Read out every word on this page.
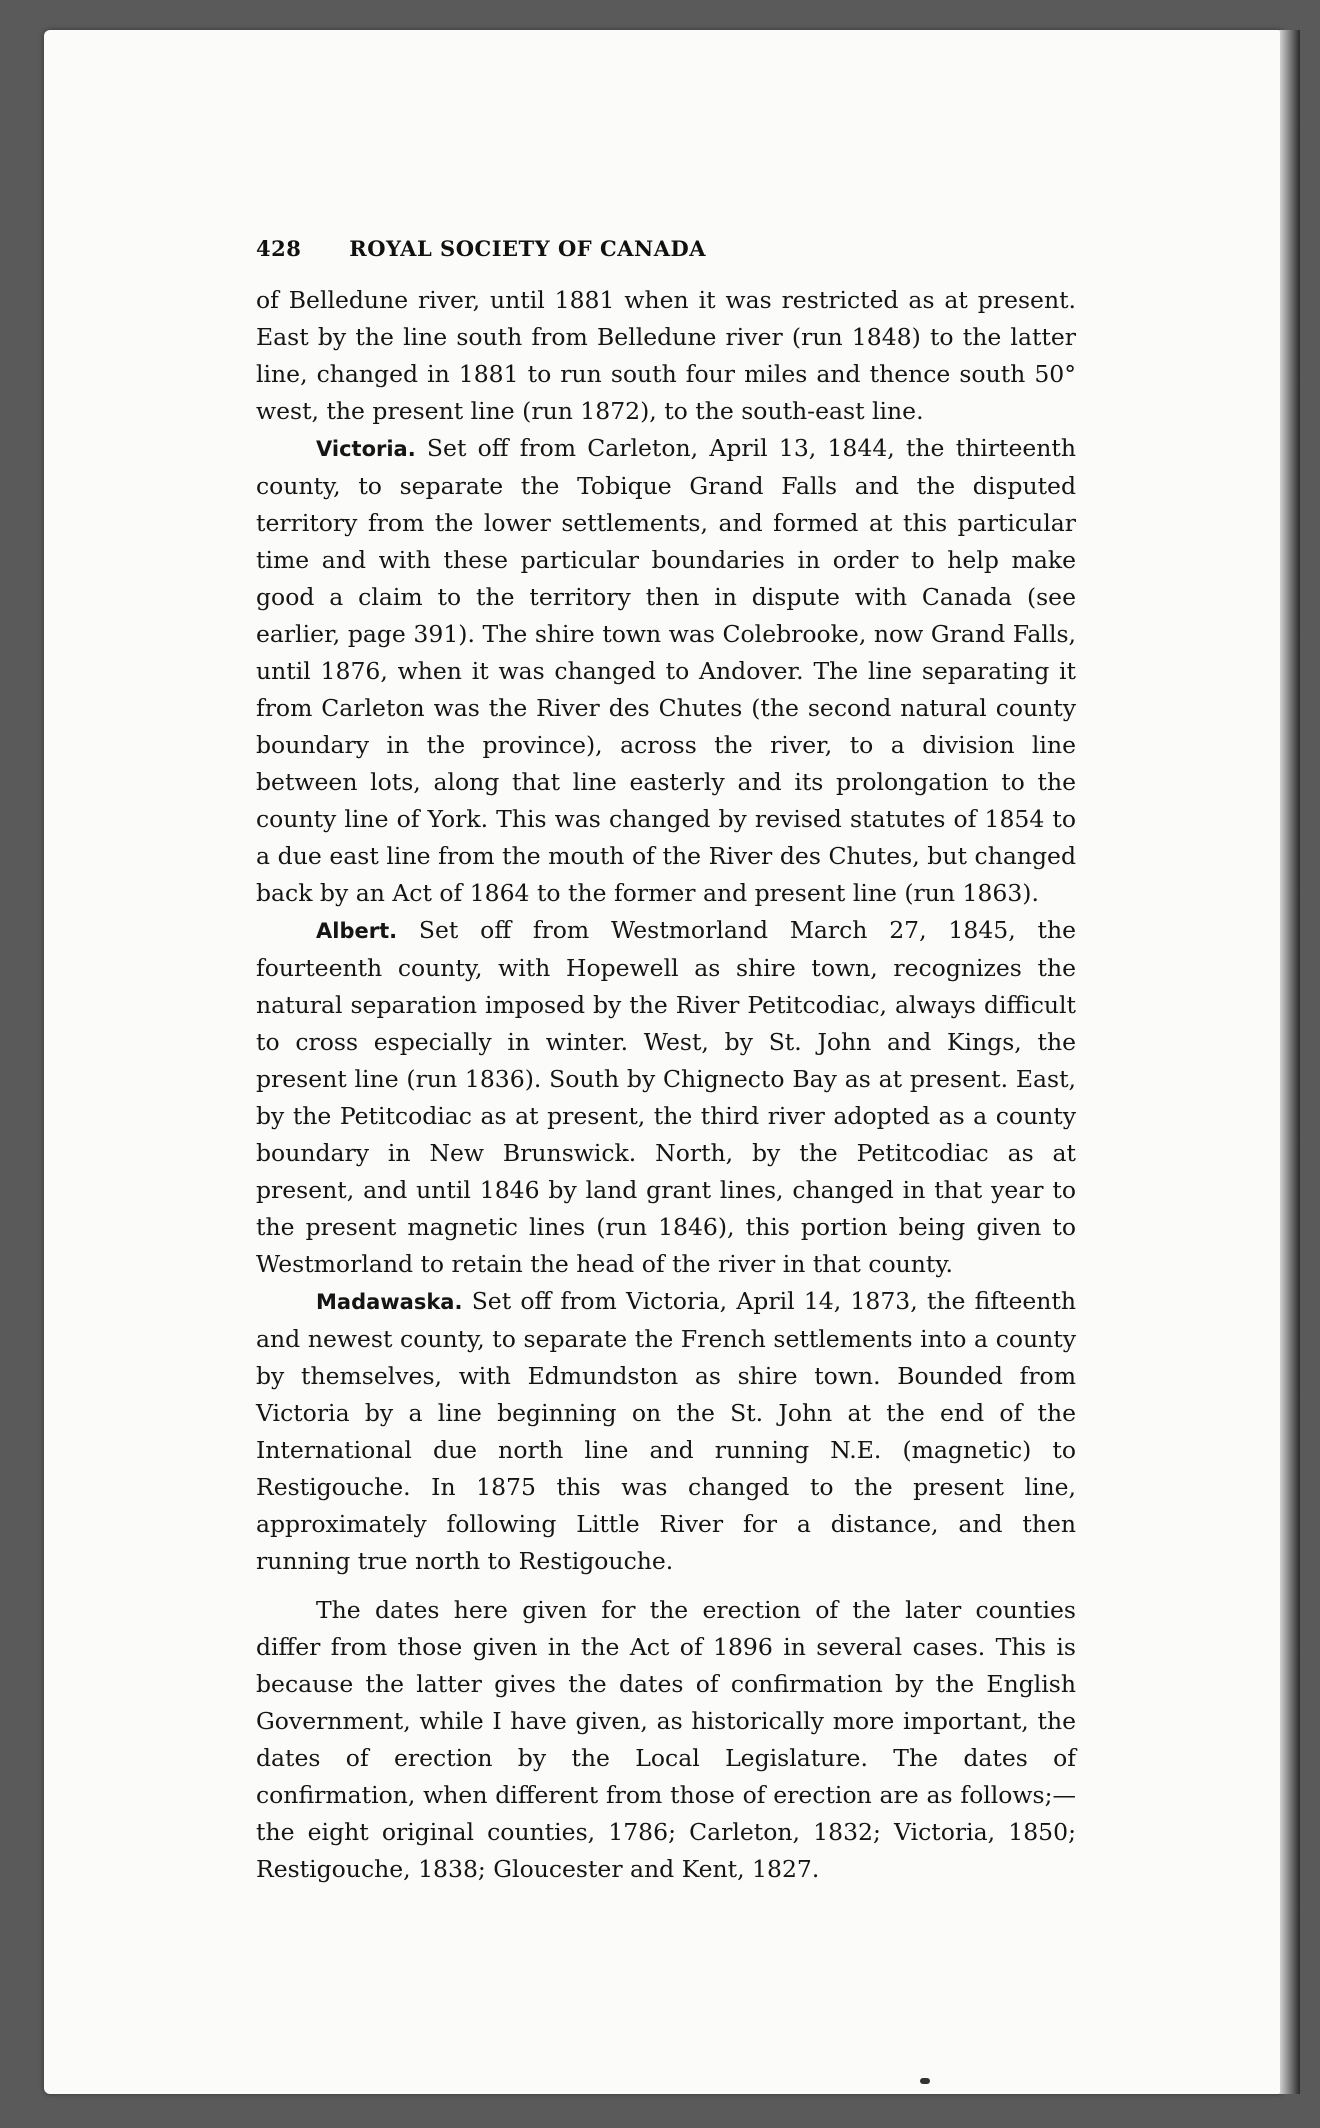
428 ROYAL SOCIETY OF CANADA

of Belledune river, until 1881 when it was restricted as at present. East by the line south from Belledune river (run 1848) to the latter line, changed in 1881 to run south four miles and thence south 50° west, the present line (run 1872), to the south-east line.

Victoria. Set off from Carleton, April 13, 1844, the thirteenth county, to separate the Tobique Grand Falls and the disputed territory from the lower settlements, and formed at this particular time and with these particular boundaries in order to help make good a claim to the territory then in dispute with Canada (see earlier, page 391). The shire town was Colebrooke, now Grand Falls, until 1876, when it was changed to Andover. The line separating it from Carleton was the River des Chutes (the second natural county boundary in the province), across the river, to a division line between lots, along that line easterly and its prolongation to the county line of York. This was changed by revised statutes of 1854 to a due east line from the mouth of the River des Chutes, but changed back by an Act of 1864 to the former and present line (run 1863).

Albert. Set off from Westmorland March 27, 1845, the fourteenth county, with Hopewell as shire town, recognizes the natural separation imposed by the River Petitcodiac, always difficult to cross especially in winter. West, by St. John and Kings, the present line (run 1836). South by Chignecto Bay as at present. East, by the Petitcodiac as at present, the third river adopted as a county boundary in New Brunswick. North, by the Petitcodiac as at present, and until 1846 by land grant lines, changed in that year to the present magnetic lines (run 1846), this portion being given to Westmorland to retain the head of the river in that county.

Madawaska. Set off from Victoria, April 14, 1873, the fifteenth and newest county, to separate the French settlements into a county by themselves, with Edmundston as shire town. Bounded from Victoria by a line beginning on the St. John at the end of the International due north line and running N.E. (magnetic) to Restigouche. In 1875 this was changed to the present line, approximately following Little River for a distance, and then running true north to Restigouche.

The dates here given for the erection of the later counties differ from those given in the Act of 1896 in several cases. This is because the latter gives the dates of confirmation by the English Government, while I have given, as historically more important, the dates of erection by the Local Legislature. The dates of confirmation, when different from those of erection are as follows;—the eight original counties, 1786; Carleton, 1832; Victoria, 1850; Restigouche, 1838; Gloucester and Kent, 1827.
